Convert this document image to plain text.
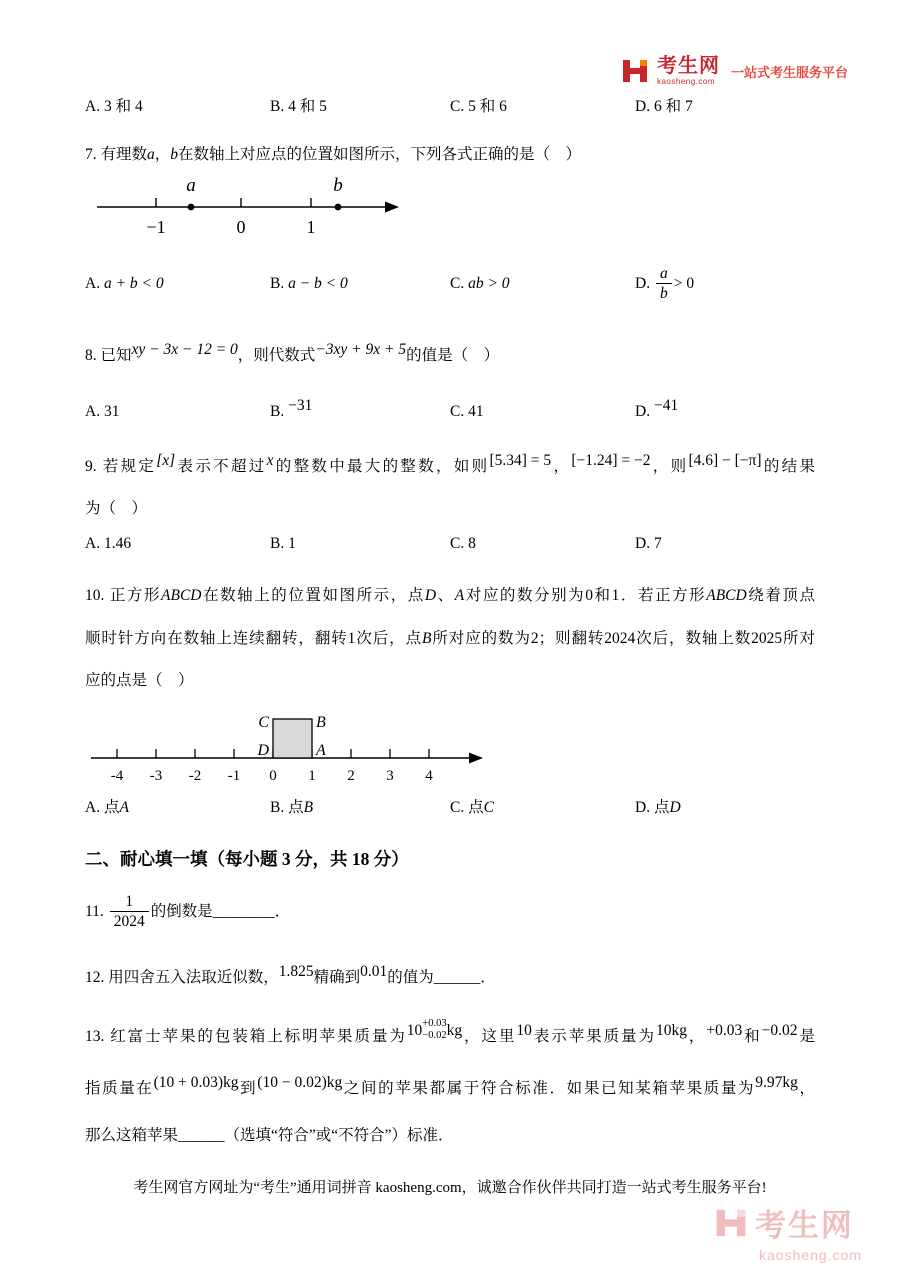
考生网
kaosheng.com
一站式考生服务平台
A. 3 和 4	B. 4 和 5	C. 5 和 6	D. 6 和 7

7. 有理数a，b在数轴上对应点的位置如图所示，下列各式正确的是（　）

a	b
−1	0	1
A. a + b < 0	B. a − b < 0	C. ab > 0	D. $\frac{a}{b} > 0$

8. 已知xy − 3x − 12 = 0，则代数式−3xy + 9x + 5的值是（　）

A. 31	B. −31	C. 41	D. −41

9. 若规定[x]表示不超过x的整数中最大的整数，如则[5.34] = 5，[−1.24] = −2，则[4.6] − [−π]的结果

为（　）

A. 1.46	B. 1	C. 8	D. 7

10. 正方形ABCD在数轴上的位置如图所示，点D、A对应的数分别为0和1．若正方形ABCD绕着顶点

顺时针方向在数轴上连续翻转，翻转1次后，点B所对应的数为2；则翻转2024次后，数轴上数2025所对

应的点是（　）

C	B
D	A
-4 -3 -2 -1 0 1 2 3 4
A. 点A	B. 点B	C. 点C	D. 点D
二、耐心填一填（每小题 3 分，共 18 分）

11. $\frac{1}{2024}$ 的倒数是________．

12. 用四舍五入法取近似数，1.825精确到0.01的值为______．

13. 红富士苹果的包装箱上标明苹果质量为10 +0.03
−0.02 kg，这里10表示苹果质量为10kg，+0.03和−0.02是

指质量在(10 + 0.03)kg到(10 − 0.02)kg之间的苹果都属于符合标准．如果已知某箱苹果质量为9.97kg，

那么这箱苹果______（选填“符合”或“不符合”）标准．

考生网官方网址为“考生”通用词拼音 kaosheng.com，诚邀合作伙伴共同打造一站式考生服务平台!

考生网
kaosheng.com
